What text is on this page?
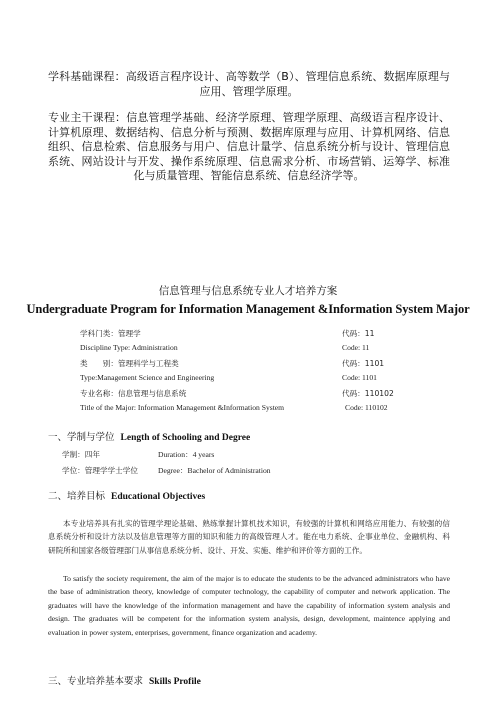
学科基础课程：高级语言程序设计、高等数学（B）、管理信息系统、数据库原理与应用、管理学原理。
专业主干课程：信息管理学基础、经济学原理、管理学原理、高级语言程序设计、计算机原理、数据结构、信息分析与预测、数据库原理与应用、计算机网络、信息组织、信息检索、信息服务与用户、信息计量学、信息系统分析与设计、管理信息系统、网站设计与开发、操作系统原理、信息需求分析、市场营销、运筹学、标准化与质量管理、智能信息系统、信息经济学等。
信息管理与信息系统专业人才培养方案
Undergraduate Program for Information Management &Information System Major
学科门类：管理学	代码：11
Discipline Type: Administration	Code: 11
类　　别：管理科学与工程类	代码：1101
Type:Management Science and Engineering	Code: 1101
专业名称：信息管理与信息系统	代码：110102
Title of the Major: Information Management &Information System	Code: 110102
一、学制与学位 Length of Schooling and Degree
学制：四年	Duration：4 years
学位：管理学学士学位	Degree：Bachelor of Administration
二、培养目标 Educational Objectives
本专业培养具有扎实的管理学理论基础、熟练掌握计算机技术知识，有较强的计算机和网络应用能力、有较强的信息系统分析和设计方法以及信息管理等方面的知识和能力的高级管理人才。能在电力系统、企事业单位、金融机构、科研院所和国家各级管理部门从事信息系统分析、设计、开发、实施、维护和评价等方面的工作。
To satisfy the society requirement, the aim of the major is to educate the students to be the advanced administrators who have the base of administration theory, knowledge of computer technology, the capability of computer and network application. The graduates will have the knowledge of the information management and have the capability of information system analysis and design. The graduates will be competent for the information system analysis, design, development, maintence applying and evaluation in power system, enterprises, government, finance organization and academy.
三、专业培养基本要求 Skills Profile
